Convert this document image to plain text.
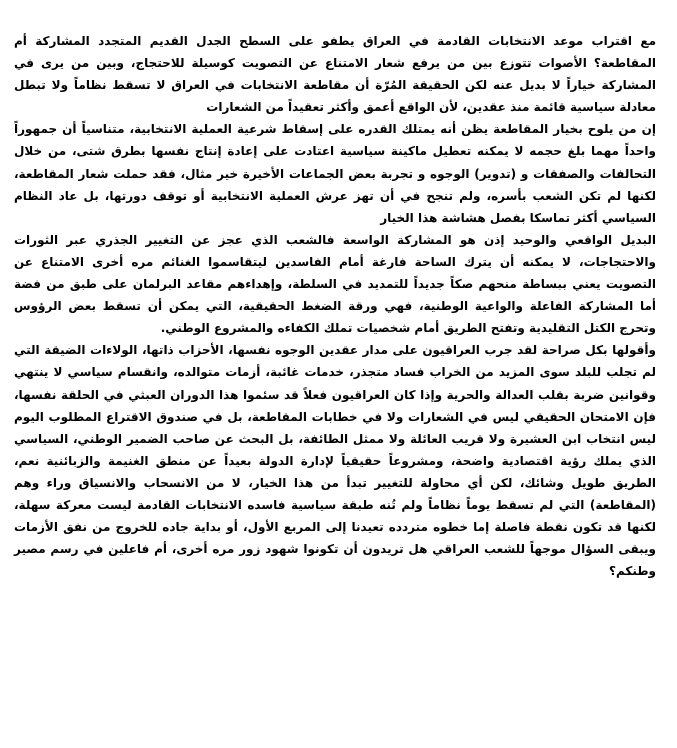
مع اقتراب موعد الانتخابات القادمة في العراق يطفو على السطح الجدل القديم المتجدد المشاركة أم المقاطعة؟ الأصوات تتوزع بين من يرفع شعار الامتناع عن التصويت كوسيلة للاحتجاج، وبين من يرى في المشاركة خياراً لا بديل عنه لكن الحقيقة المُرّة أن مقاطعة الانتخابات في العراق لا تسقط نظاماً ولا تبطل معادلة سياسية قائمة منذ عقدين، لأن الواقع أعمق وأكثر تعقيداً من الشعارات

إن من يلوح بخيار المقاطعة يظن أنه يمتلك القدره على إسقاط شرعية العملية الانتخابية، متناسياً أن جمهوراً واحداً مهما بلغ حجمه لا يمكنه تعطيل ماكينة سياسية اعتادت على إعادة إنتاج نفسها بطرق شتى، من خلال التحالفات والصفقات و (تدوير) الوجوه و تجربة بعض الجماعات الأخيرة خير مثال، فقد حملت شعار المقاطعة، لكنها لم تكن الشعب بأسره، ولم تنجح في أن تهز عرش العملية الانتخابية أو توقف دورتها، بل عاد النظام السياسي أكثر تماسكا بفصل هشاشة هذا الخيار

البديل الواقعي والوحيد إذن هو المشاركة الواسعة فالشعب الذي عجز عن التغيير الجذري عبر الثورات والاحتجاجات، لا يمكنه أن يترك الساحة فارغة أمام الفاسدين ليتقاسموا الغنائم مره أخرى الامتناع عن التصويت يعني ببساطة منحهم صكاً جديداً للتمديد في السلطة، وإهداءهم مقاعد البرلمان على طبق من فضة أما المشاركة الفاعلة والواعية الوطنية، فهي ورقة الضغط الحقيقية، التي يمكن أن تسقط بعض الرؤوس وتحرج الكتل التقليدية وتفتح الطريق أمام شخصيات تملك الكفاءه والمشروع الوطني.

وأقولها بكل صراحة لقد جرب العراقيون على مدار عقدين الوجوه نفسها، الأحزاب ذاتها، الولاءات الضيقة التي لم تجلب للبلد سوى المزيد من الخراب فساد متجذر، خدمات غائبة، أزمات متوالده، وانقسام سياسي لا ينتهي وقوانين ضربة بقلب العدالة والحرية وإذا كان العراقيون فعلاً قد سئموا هذا الدوران العبثي في الحلقة نفسها، فإن الامتحان الحقيقي ليس في الشعارات ولا في خطابات المقاطعة، بل في صندوق الاقتراع المطلوب اليوم ليس انتخاب ابن العشيرة ولا قريب العائلة ولا ممثل الطائفة، بل البحث عن صاحب الضمير الوطني، السياسي الذي يملك رؤية اقتصادية واضحة، ومشروعاً حقيقياً لإدارة الدولة بعيداً عن منطق الغنيمة والزبائنية نعم، الطريق طويل وشائك، لكن أي محاولة للتغيير تبدأ من هذا الخيار، لا من الانسحاب والانسياق وراء وهم (المقاطعة) التي لم تسقط يوماً نظاماً ولم تُنه طبقة سياسية فاسده الانتخابات القادمة ليست معركة سهلة، لكنها قد تكون نقطة فاصلة إما خطوه متردده تعيدنا إلى المربع الأول، أو بداية جاده للخروج من نفق الأزمات ويبقى السؤال موجهاً للشعب العراقي هل تريدون أن تكونوا شهود زور مره أخرى، أم فاعلين في رسم مصير وطنكم؟
